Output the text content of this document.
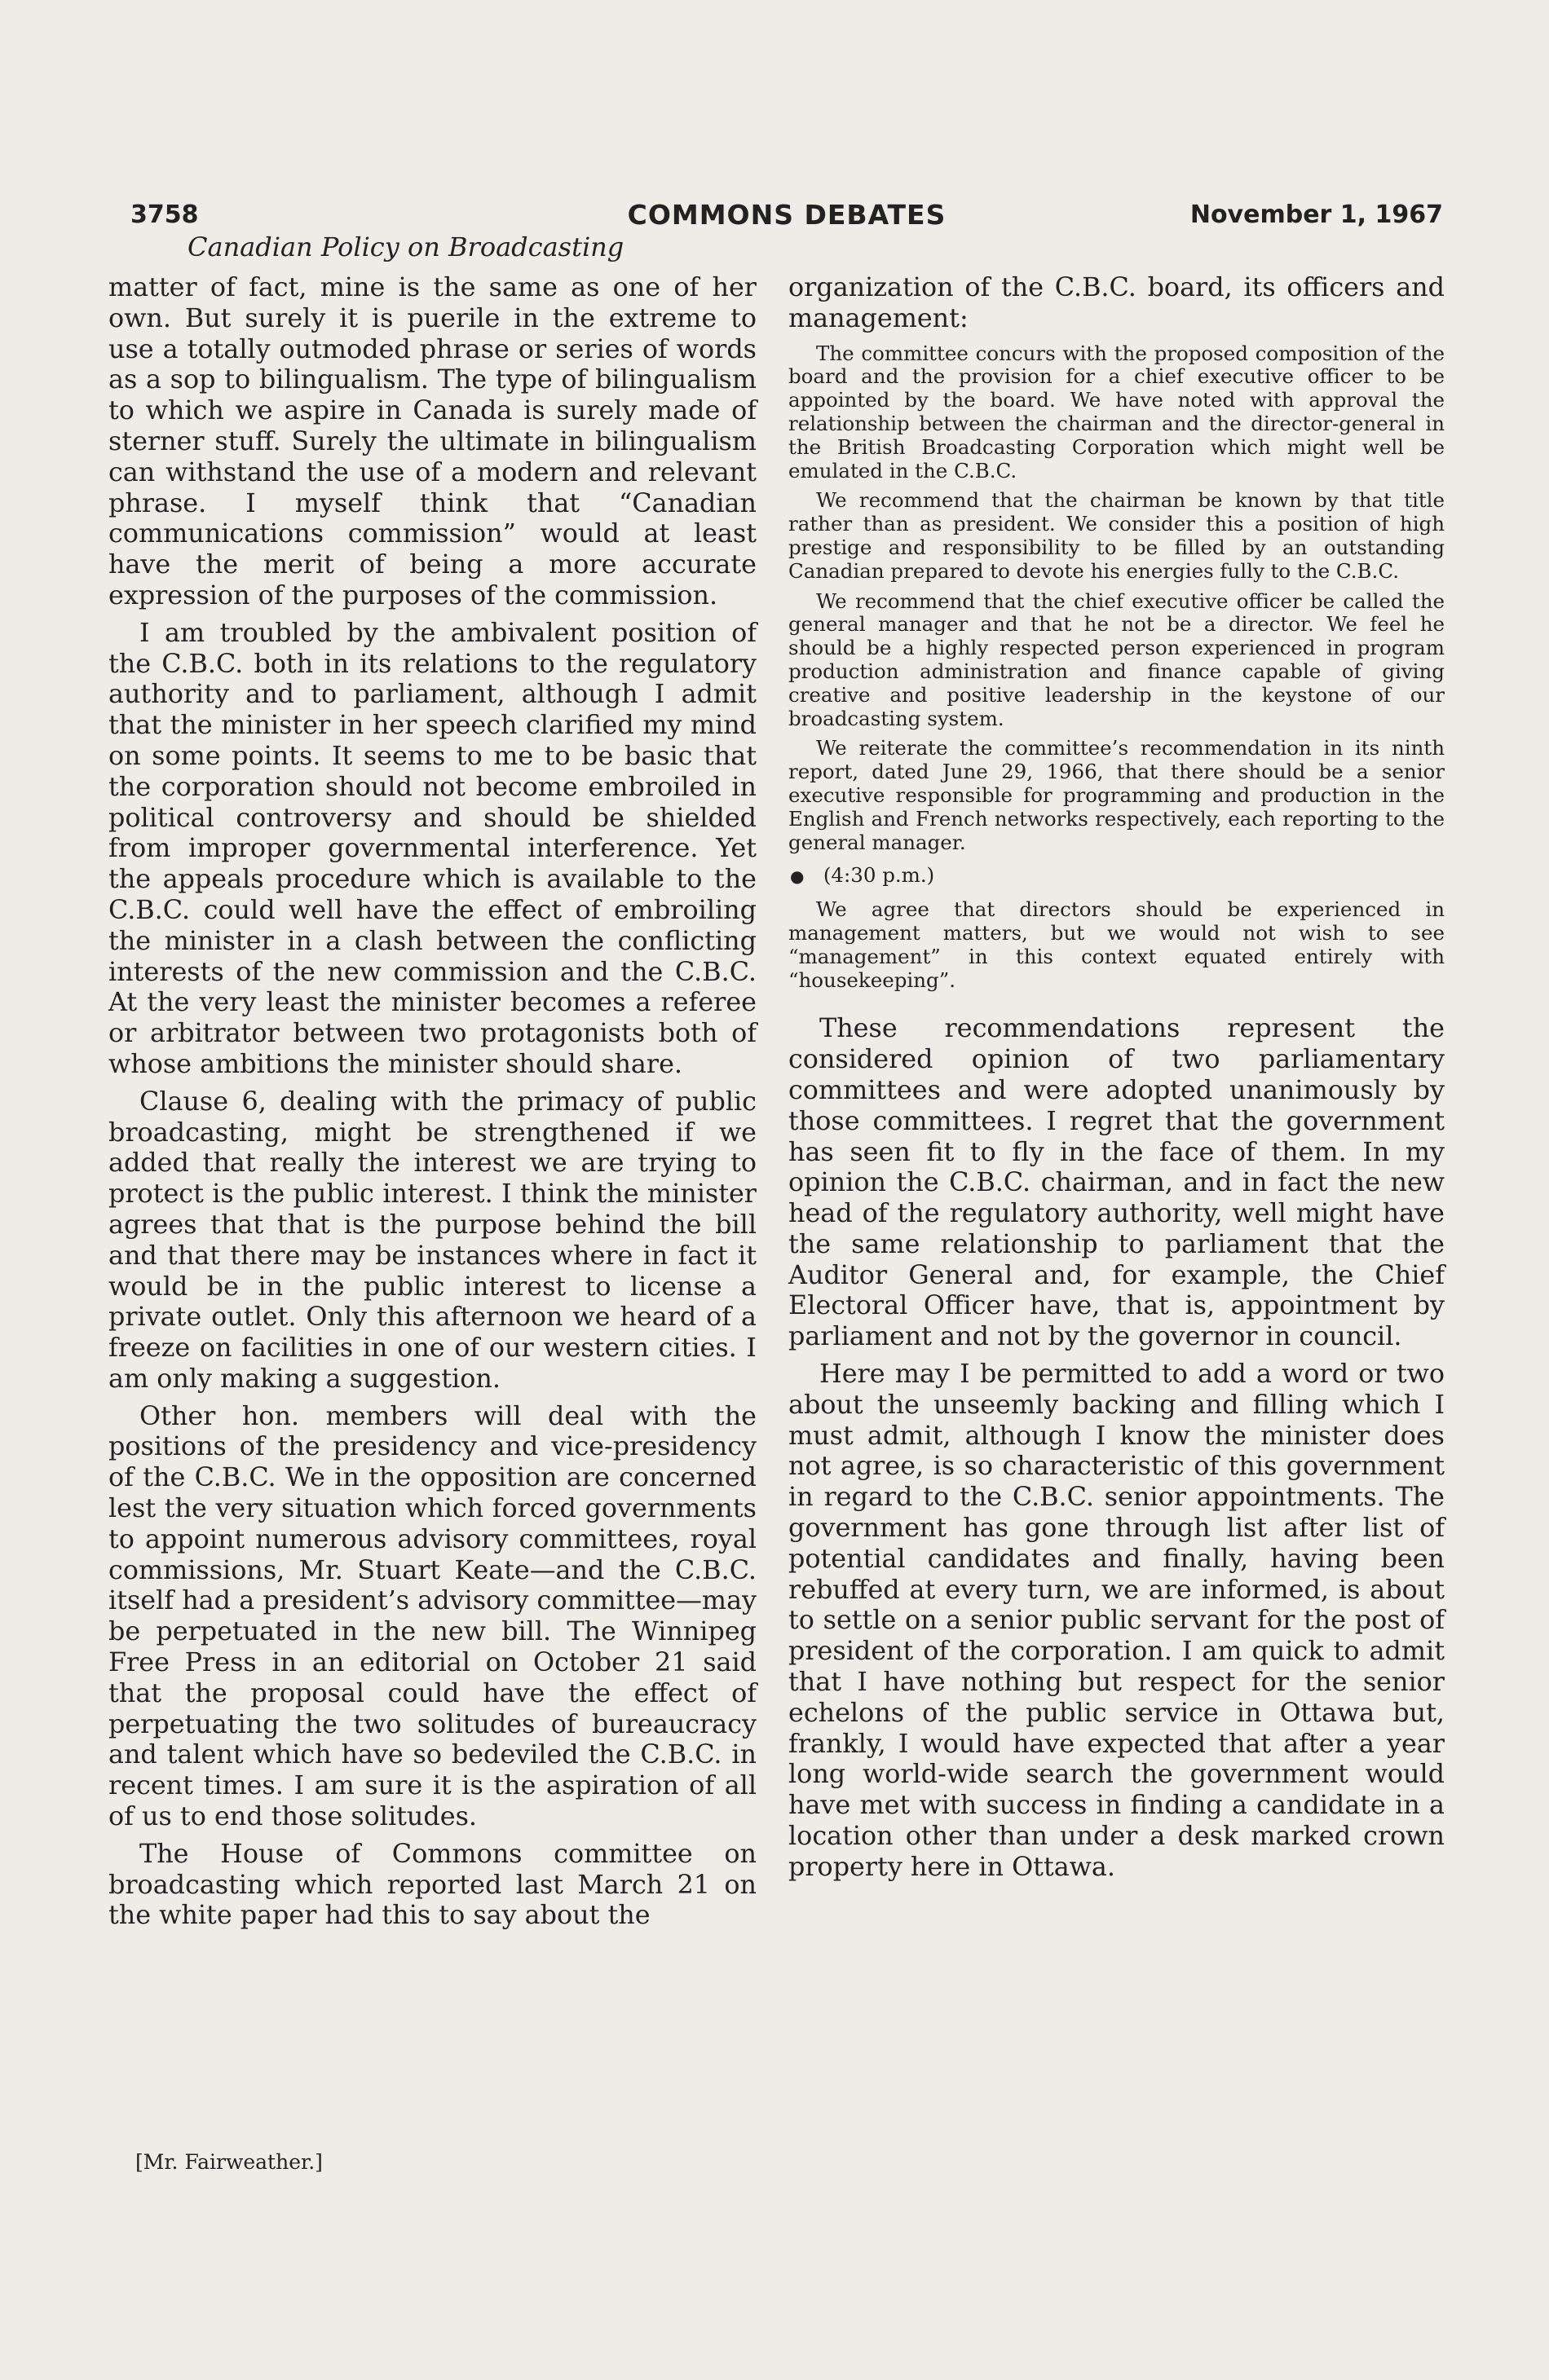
3758	COMMONS DEBATES	November 1, 1967
Canadian Policy on Broadcasting

matter of fact, mine is the same as one of her own. But surely it is puerile in the extreme to use a totally outmoded phrase or series of words as a sop to bilingualism. The type of bilingualism to which we aspire in Canada is surely made of sterner stuff. Surely the ultimate in bilingualism can withstand the use of a modern and relevant phrase. I myself think that “Canadian communications commission” would at least have the merit of being a more accurate expression of the purposes of the commission.

I am troubled by the ambivalent position of the C.B.C. both in its relations to the regulatory authority and to parliament, although I admit that the minister in her speech clarified my mind on some points. It seems to me to be basic that the corporation should not become embroiled in political controversy and should be shielded from improper governmental interference. Yet the appeals procedure which is available to the C.B.C. could well have the effect of embroiling the minister in a clash between the conflicting interests of the new commission and the C.B.C. At the very least the minister becomes a referee or arbitrator between two protagonists both of whose ambitions the minister should share.

Clause 6, dealing with the primacy of public broadcasting, might be strengthened if we added that really the interest we are trying to protect is the public interest. I think the minister agrees that that is the purpose behind the bill and that there may be instances where in fact it would be in the public interest to license a private outlet. Only this afternoon we heard of a freeze on facilities in one of our western cities. I am only making a suggestion.

Other hon. members will deal with the positions of the presidency and vice-presidency of the C.B.C. We in the opposition are concerned lest the very situation which forced governments to appoint numerous advisory committees, royal commissions, Mr. Stuart Keate—and the C.B.C. itself had a president’s advisory committee—may be perpetuated in the new bill. The Winnipeg Free Press in an editorial on October 21 said that the proposal could have the effect of perpetuating the two solitudes of bureaucracy and talent which have so bedeviled the C.B.C. in recent times. I am sure it is the aspiration of all of us to end those solitudes.

The House of Commons committee on broadcasting which reported last March 21 on the white paper had this to say about the

organization of the C.B.C. board, its officers and management:

The committee concurs with the proposed composition of the board and the provision for a chief executive officer to be appointed by the board. We have noted with approval the relationship between the chairman and the director-general in the British Broadcasting Corporation which might well be emulated in the C.B.C.

We recommend that the chairman be known by that title rather than as president. We consider this a position of high prestige and responsibility to be filled by an outstanding Canadian prepared to devote his energies fully to the C.B.C.

We recommend that the chief executive officer be called the general manager and that he not be a director. We feel he should be a highly respected person experienced in program production administration and finance capable of giving creative and positive leadership in the keystone of our broadcasting system.

We reiterate the committee’s recommendation in its ninth report, dated June 29, 1966, that there should be a senior executive responsible for programming and production in the English and French networks respectively, each reporting to the general manager.

● (4:30 p.m.)

We agree that directors should be experienced in management matters, but we would not wish to see “management” in this context equated entirely with “housekeeping”.

These recommendations represent the considered opinion of two parliamentary committees and were adopted unanimously by those committees. I regret that the government has seen fit to fly in the face of them. In my opinion the C.B.C. chairman, and in fact the new head of the regulatory authority, well might have the same relationship to parliament that the Auditor General and, for example, the Chief Electoral Officer have, that is, appointment by parliament and not by the governor in council.

Here may I be permitted to add a word or two about the unseemly backing and filling which I must admit, although I know the minister does not agree, is so characteristic of this government in regard to the C.B.C. senior appointments. The government has gone through list after list of potential candidates and finally, having been rebuffed at every turn, we are informed, is about to settle on a senior public servant for the post of president of the corporation. I am quick to admit that I have nothing but respect for the senior echelons of the public service in Ottawa but, frankly, I would have expected that after a year long world-wide search the government would have met with success in finding a candidate in a location other than under a desk marked crown property here in Ottawa.

[Mr. Fairweather.]
